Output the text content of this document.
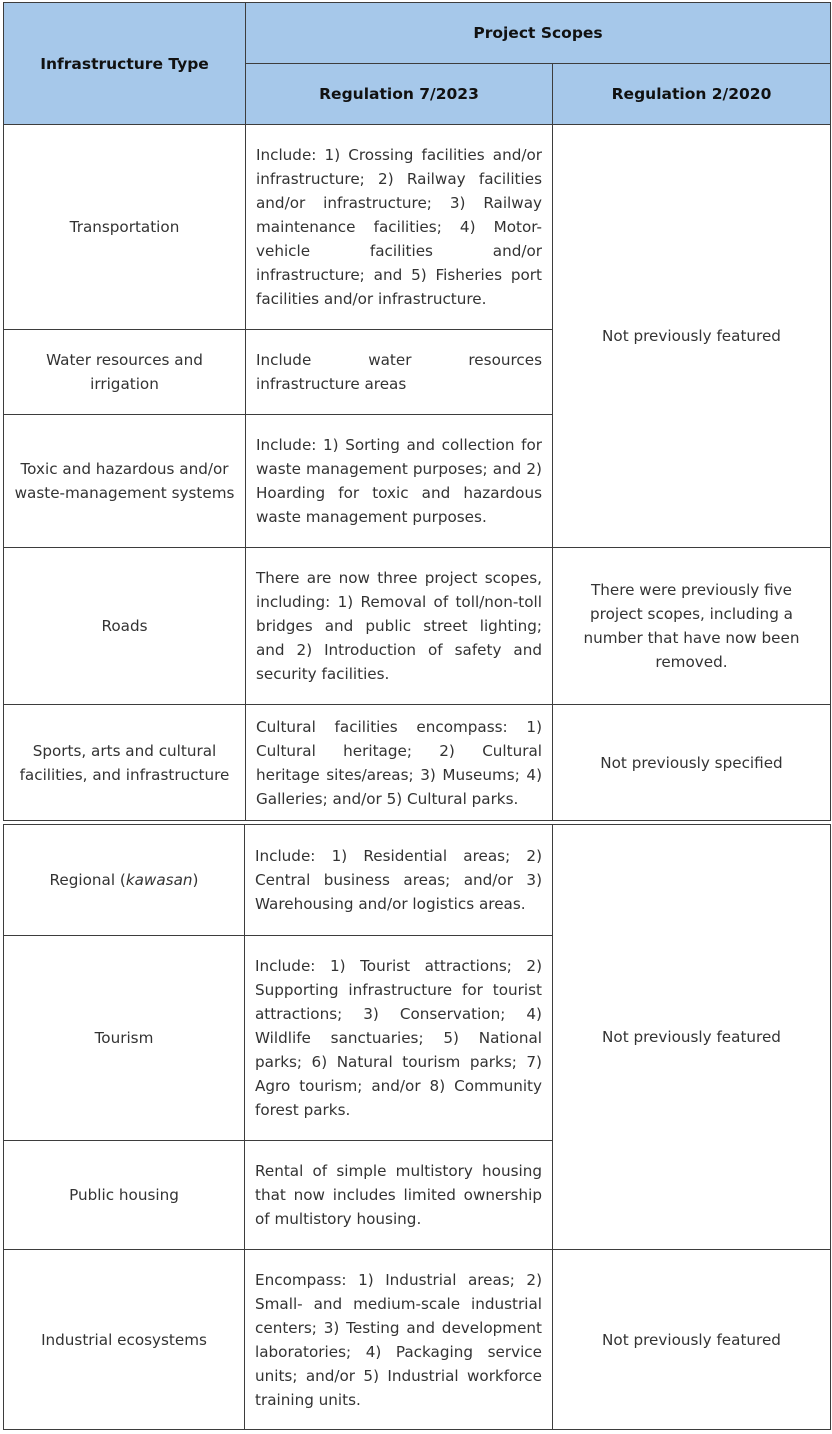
Infrastructure Type	Project Scopes	
	Regulation 7/2023	Regulation 2/2020
Transportation	Include: 1) Crossing facilities and/or infrastructure; 2) Railway facilities and/or infrastructure; 3) Railway maintenance facilities; 4) Motor-vehicle facilities and/or infrastructure; and 5) Fisheries port facilities and/or infrastructure.	Not previously featured
Water resources and irrigation	Include water resources infrastructure areas	
Toxic and hazardous and/or waste-management systems	Include: 1) Sorting and collection for waste management purposes; and 2) Hoarding for toxic and hazardous waste management purposes.	
Roads	There are now three project scopes, including: 1) Removal of toll/non-toll bridges and public street lighting; and 2) Introduction of safety and security facilities.	There were previously five project scopes, including a number that have now been removed.
Sports, arts and cultural facilities, and infrastructure	Cultural facilities encompass: 1) Cultural heritage; 2) Cultural heritage sites/areas; 3) Museums; 4) Galleries; and/or 5) Cultural parks.	Not previously specified
Regional (kawasan)	Include: 1) Residential areas; 2) Central business areas; and/or 3) Warehousing and/or logistics areas.	Not previously featured
Tourism	Include: 1) Tourist attractions; 2) Supporting infrastructure for tourist attractions; 3) Conservation; 4) Wildlife sanctuaries; 5) National parks; 6) Natural tourism parks; 7) Agro tourism; and/or 8) Community forest parks.	
Public housing	Rental of simple multistory housing that now includes limited ownership of multistory housing.	
Industrial ecosystems	Encompass: 1) Industrial areas; 2) Small- and medium-scale industrial centers; 3) Testing and development laboratories; 4) Packaging service units; and/or 5) Industrial workforce training units.	Not previously featured
